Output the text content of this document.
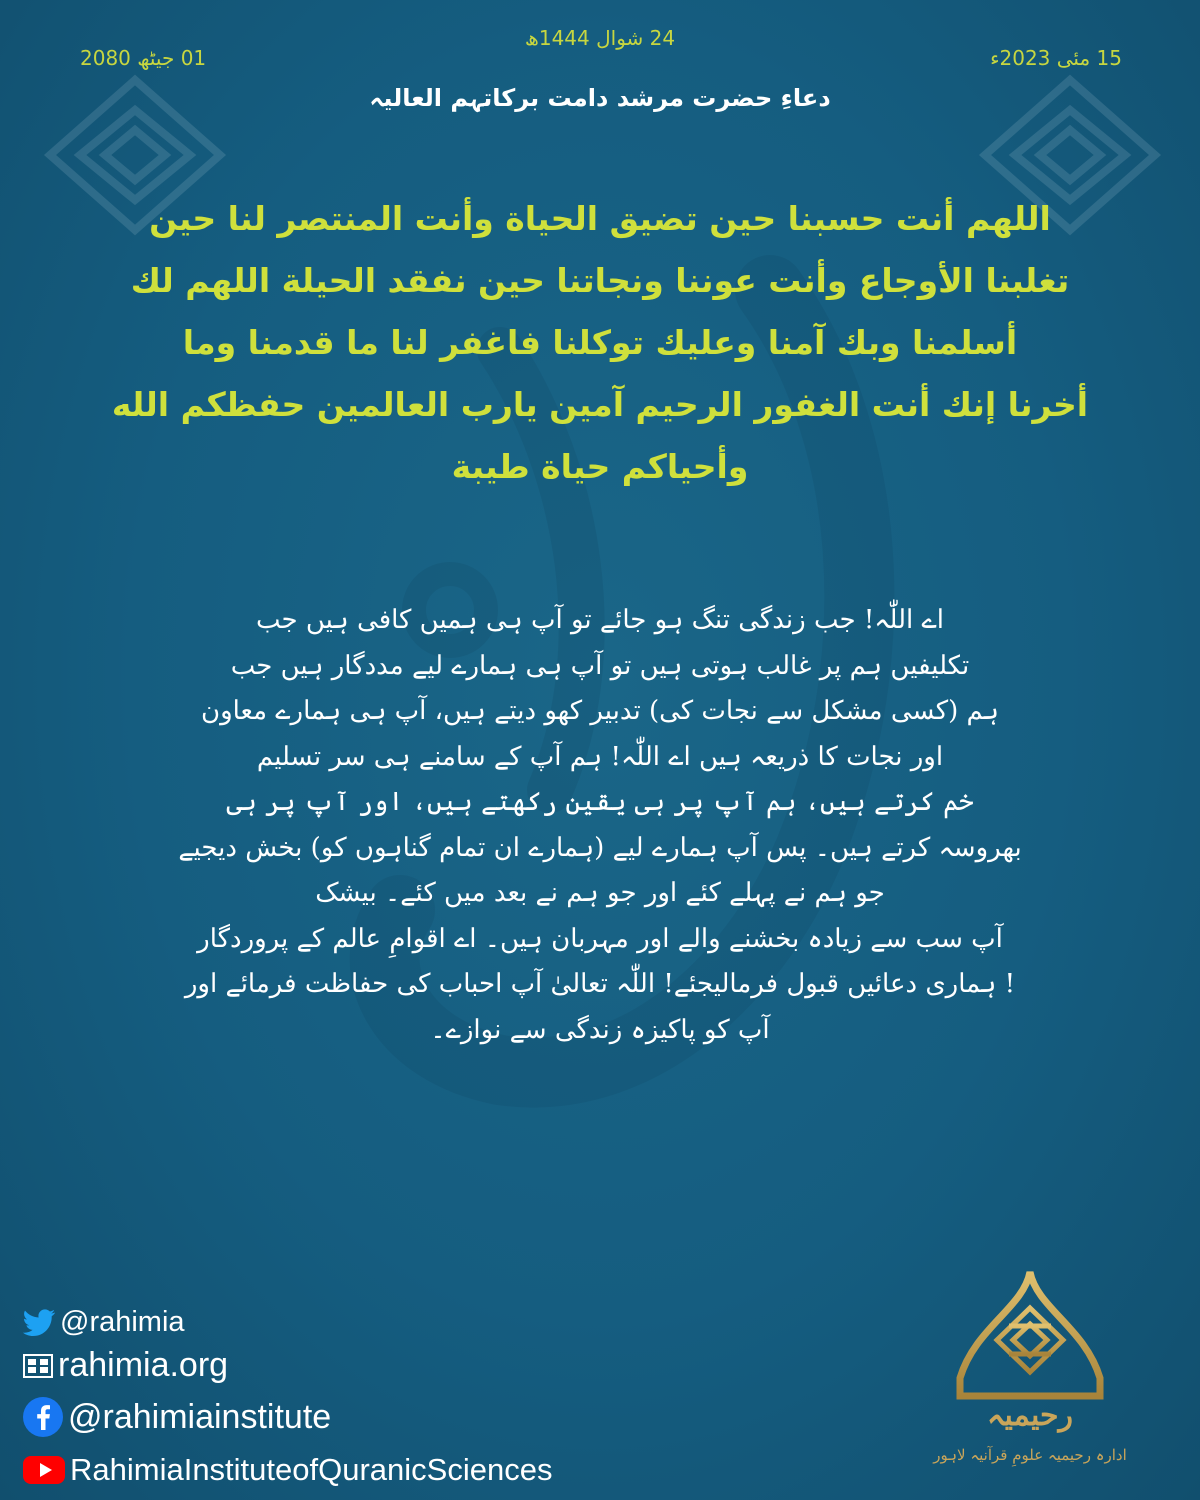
24 شوال 1444ھ
15 مئی 2023ء
01 جیٹھ 2080
دعاءِ حضرت مرشد دامت برکاتہم العالیہ
اللهم أنت حسبنا حين تضيق الحياة وأنت المنتصر لنا حين
تغلبنا الأوجاع وأنت عوننا ونجاتنا حين نفقد الحيلة اللهم لك
أسلمنا وبك آمنا وعليك توكلنا فاغفر لنا ما قدمنا وما
أخرنا إنك أنت الغفور الرحيم آمين يارب العالمين حفظكم الله
وأحياكم حياة طيبة
اے اللّٰہ! جب زندگی تنگ ہو جائے تو آپ ہی ہمیں کافی ہیں جب
تکلیفیں ہم پر غالب ہوتی ہیں تو آپ ہی ہمارے لیے مددگار ہیں جب
ہم (کسی مشکل سے نجات کی) تدبیر کھو دیتے ہیں، آپ ہی ہمارے معاون
اور نجات کا ذریعہ ہیں اے اللّٰہ! ہم آپ کے سامنے ہی سر تسلیم
خم کرتے ہیں، ہم آپ پر ہی یقین رکھتے ہیں، اور آپ پر ہی
بھروسہ کرتے ہیں۔ پس آپ ہمارے لیے (ہمارے ان تمام گناہوں کو) بخش دیجیے
جو ہم نے پہلے کئے اور جو ہم نے بعد میں کئے۔ بیشک
آپ سب سے زیادہ بخشنے والے اور مہربان ہیں۔ اے اقوامِ عالم کے پروردگار
! ہماری دعائیں قبول فرمالیجئے! اللّٰہ تعالیٰ آپ احباب کی حفاظت فرمائے اور
آپ کو پاکیزہ زندگی سے نوازے۔
@rahimia
rahimia.org
@rahimiainstitute
RahimiaInstituteofQuranicSciences
رحیمیہ
ادارہ رحیمیہ علومِ قرآنیہ لاہور
